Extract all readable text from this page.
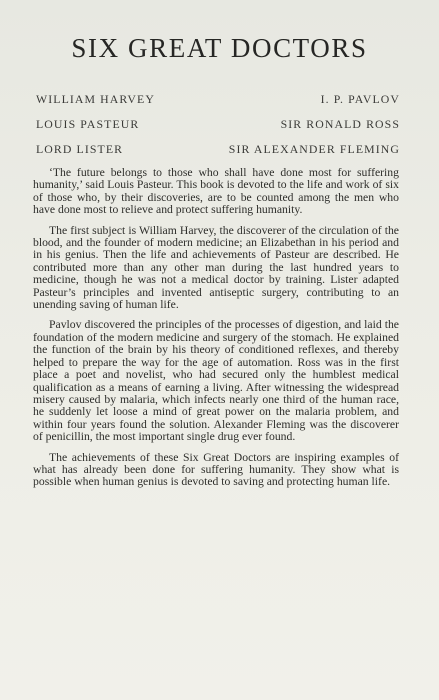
SIX GREAT DOCTORS
WILLIAM HARVEY	I. P. PAVLOV
LOUIS PASTEUR	SIR RONALD ROSS
LORD LISTER	SIR ALEXANDER FLEMING

‘The future belongs to those who shall have done most for suffering humanity,’ said Louis Pasteur. This book is devoted to the life and work of six of those who, by their discoveries, are to be counted among the men who have done most to relieve and protect suffering humanity.

The first subject is William Harvey, the discoverer of the circulation of the blood, and the founder of modern medicine; an Elizabethan in his period and in his genius. Then the life and achievements of Pasteur are described. He contributed more than any other man during the last hundred years to medicine, though he was not a medical doctor by training. Lister adapted Pasteur’s principles and invented antiseptic surgery, contributing to an unending saving of human life.

Pavlov discovered the principles of the processes of digestion, and laid the foundation of the modern medicine and surgery of the stomach. He explained the function of the brain by his theory of conditioned reflexes, and thereby helped to prepare the way for the age of automation. Ross was in the first place a poet and novelist, who had secured only the humblest medical qualification as a means of earning a living. After witnessing the widespread misery caused by malaria, which infects nearly one third of the human race, he suddenly let loose a mind of great power on the malaria problem, and within four years found the solution. Alexander Fleming was the discoverer of penicillin, the most important single drug ever found.

The achievements of these Six Great Doctors are inspiring examples of what has already been done for suffering humanity. They show what is possible when human genius is devoted to saving and protecting human life.
